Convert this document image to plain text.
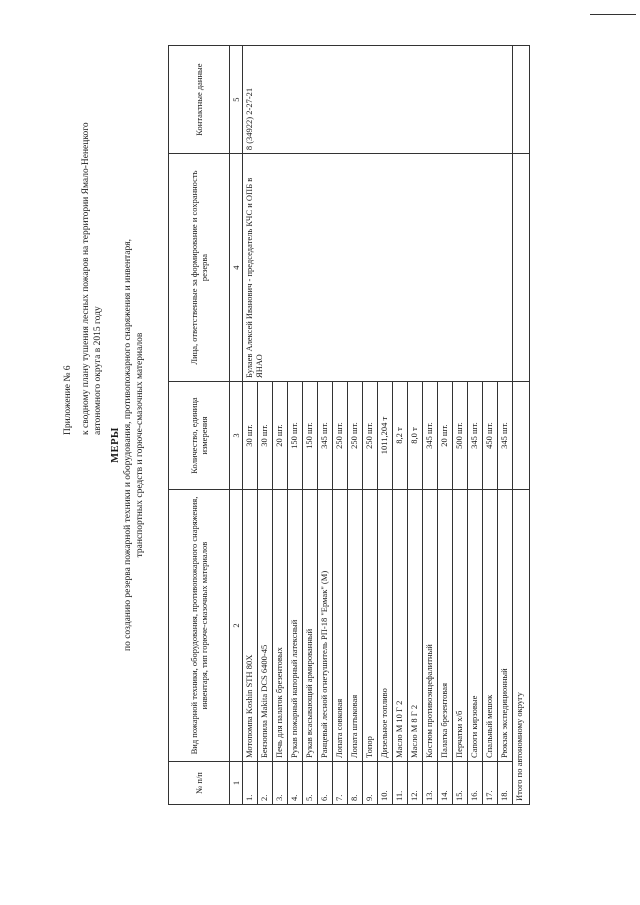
Приложение № 6 к сводному плану тушения лесных пожаров на территории Ямало-Ненецкого автономного округа в 2015 году
МЕРЫ по созданию резерва пожарной техники и оборудования, противопожарного снаряжения и инвентаря, транспортных средств и горюче-смазочных материалов
№ п/п	Вид пожарной техники, оборудования, противопожарного снаряжения, инвентаря, тип горюче-смазочных материалов	Количество, единица измерения	Лица, ответственные за формирование и сохранность резерва	Контактные данные
1	2	3	4	5
1.	Мотопомпа Koshin STH 80X	30 шт.	Булаев Алексей Иванович - председатель КЧС и ОПБ в ЯНАО	8 (34922) 2-27-21
2.	Бензопила Makita DCS 6400-45	30 шт.		
3.	Печь для палаток брезентовых	20 шт.		
4.	Рукав пожарный напорный латексный	150 шт.		
5.	Рукав всасывающий армированный	150 шт.		
6.	Ранцевый лесной огнетушитель РП-18 "Ермак" (М)	345 шт.		
7.	Лопата совковая	250 шт.		
8.	Лопата штыковая	250 шт.		
9.	Топор	250 шт.		
10.	Дизельное топливо	1011,204 т		
11.	Масло М 10 Г 2	8,2 т		
12.	Масло М 8 Г 2	8,0 т		
13.	Костюм противоэнцефалитный	345 шт.		
14.	Палатка брезентовая	20 шт.		
15.	Перчатки х/б	500 шт.		
16.	Сапоги кирзовые	345 шт.		
17.	Спальный мешок	450 шт.		
18.	Рюкзак экспедиционный	345 шт.		
Итого по автономному округу				
